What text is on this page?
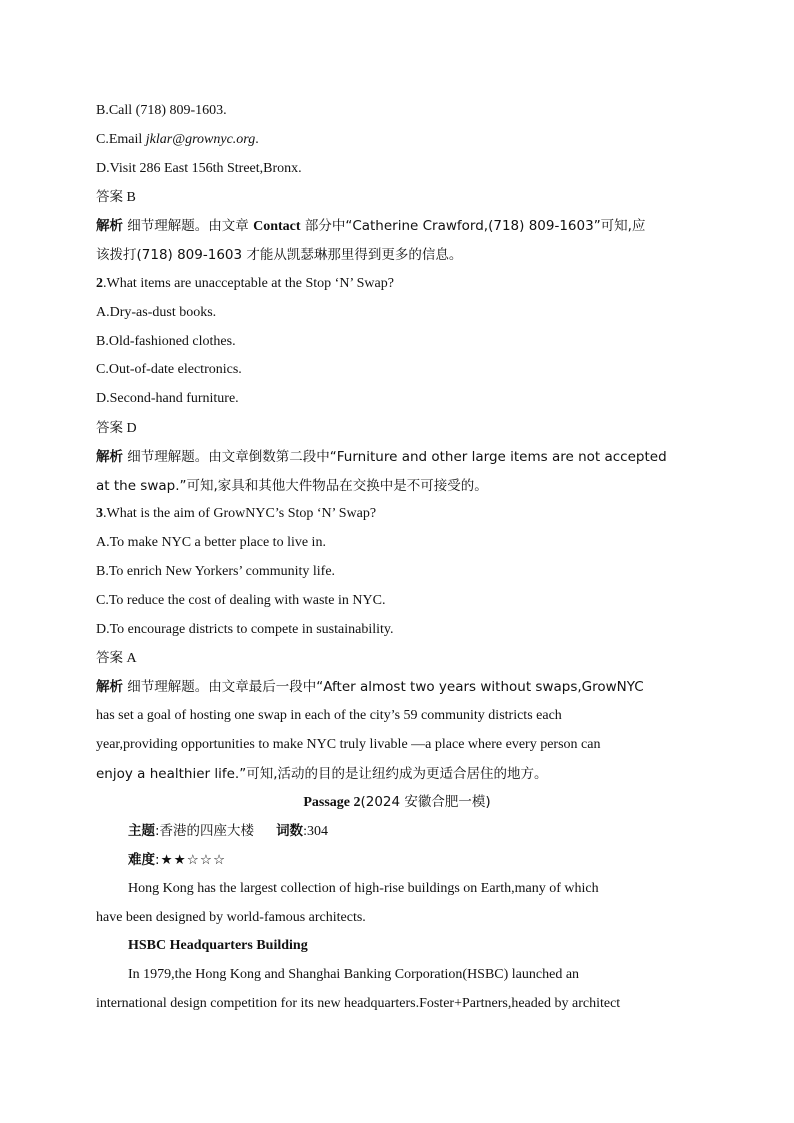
B.Call (718) 809-1603.
C.Email jklar@grownyc.org.
D.Visit 286 East 156th Street,Bronx.
答案 B
解析 细节理解题。由文章 Contact 部分中“Catherine Crawford,(718) 809-1603”可知,应
该拨打(718) 809-1603 才能从凯瑟琳那里得到更多的信息。
2.What items are unacceptable at the Stop ‘N’ Swap?
A.Dry-as-dust books.
B.Old-fashioned clothes.
C.Out-of-date electronics.
D.Second-hand furniture.
答案 D
解析 细节理解题。由文章倒数第二段中“Furniture and other large items are not accepted
at the swap.”可知,家具和其他大件物品在交换中是不可接受的。
3.What is the aim of GrowNYC’s Stop ‘N’ Swap?
A.To make NYC a better place to live in.
B.To enrich New Yorkers’ community life.
C.To reduce the cost of dealing with waste in NYC.
D.To encourage districts to compete in sustainability.
答案 A
解析 细节理解题。由文章最后一段中“After almost two years without swaps,GrowNYC
has set a goal of hosting one swap in each of the city’s 59 community districts each
year,providing opportunities to make NYC truly livable —a place where every person can
enjoy a healthier life.”可知,活动的目的是让纽约成为更适合居住的地方。
Passage 2(2024 安徽合肥一模)
主题:香港的四座大楼 词数:304
难度:★★☆☆☆
Hong Kong has the largest collection of high-rise buildings on Earth,many of which
have been designed by world-famous architects.
HSBC Headquarters Building
In 1979,the Hong Kong and Shanghai Banking Corporation(HSBC) launched an
international design competition for its new headquarters.Foster+Partners,headed by architect
